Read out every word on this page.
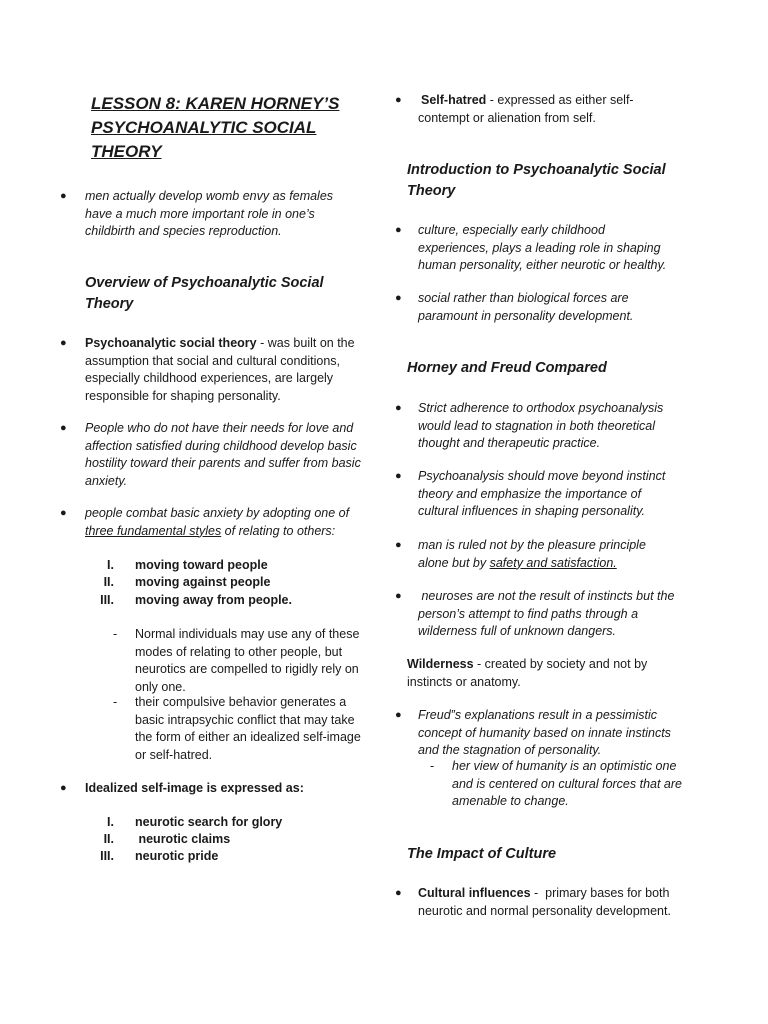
LESSON 8: KAREN HORNEY’S PSYCHOANALYTIC SOCIAL THEORY
● men actually develop womb envy as females have a much more important role in one’s childbirth and species reproduction.
Overview of Psychoanalytic Social Theory
● Psychoanalytic social theory - was built on the assumption that social and cultural conditions, especially childhood experiences, are largely responsible for shaping personality.
● People who do not have their needs for love and affection satisfied during childhood develop basic hostility toward their parents and suffer from basic anxiety.
● people combat basic anxiety by adopting one of three fundamental styles of relating to others:
I. moving toward people
II. moving against people
III. moving away from people.
- Normal individuals may use any of these modes of relating to other people, but neurotics are compelled to rigidly rely on only one.
- their compulsive behavior generates a basic intrapsychic conflict that may take the form of either an idealized self-image or self-hatred.
● Idealized self-image is expressed as:
I. neurotic search for glory
II. neurotic claims
III. neurotic pride
● Self-hatred - expressed as either self-contempt or alienation from self.
Introduction to Psychoanalytic Social Theory
● culture, especially early childhood experiences, plays a leading role in shaping human personality, either neurotic or healthy.
● social rather than biological forces are paramount in personality development.
Horney and Freud Compared
● Strict adherence to orthodox psychoanalysis would lead to stagnation in both theoretical thought and therapeutic practice.
● Psychoanalysis should move beyond instinct theory and emphasize the importance of cultural influences in shaping personality.
● man is ruled not by the pleasure principle alone but by safety and satisfaction.
● neuroses are not the result of instincts but the person’s attempt to find paths through a wilderness full of unknown dangers.
Wilderness - created by society and not by instincts or anatomy.
● Freud”s explanations result in a pessimistic concept of humanity based on innate instincts and the stagnation of personality.
- her view of humanity is an optimistic one and is centered on cultural forces that are amenable to change.
The Impact of Culture
● Cultural influences -  primary bases for both neurotic and normal personality development.
